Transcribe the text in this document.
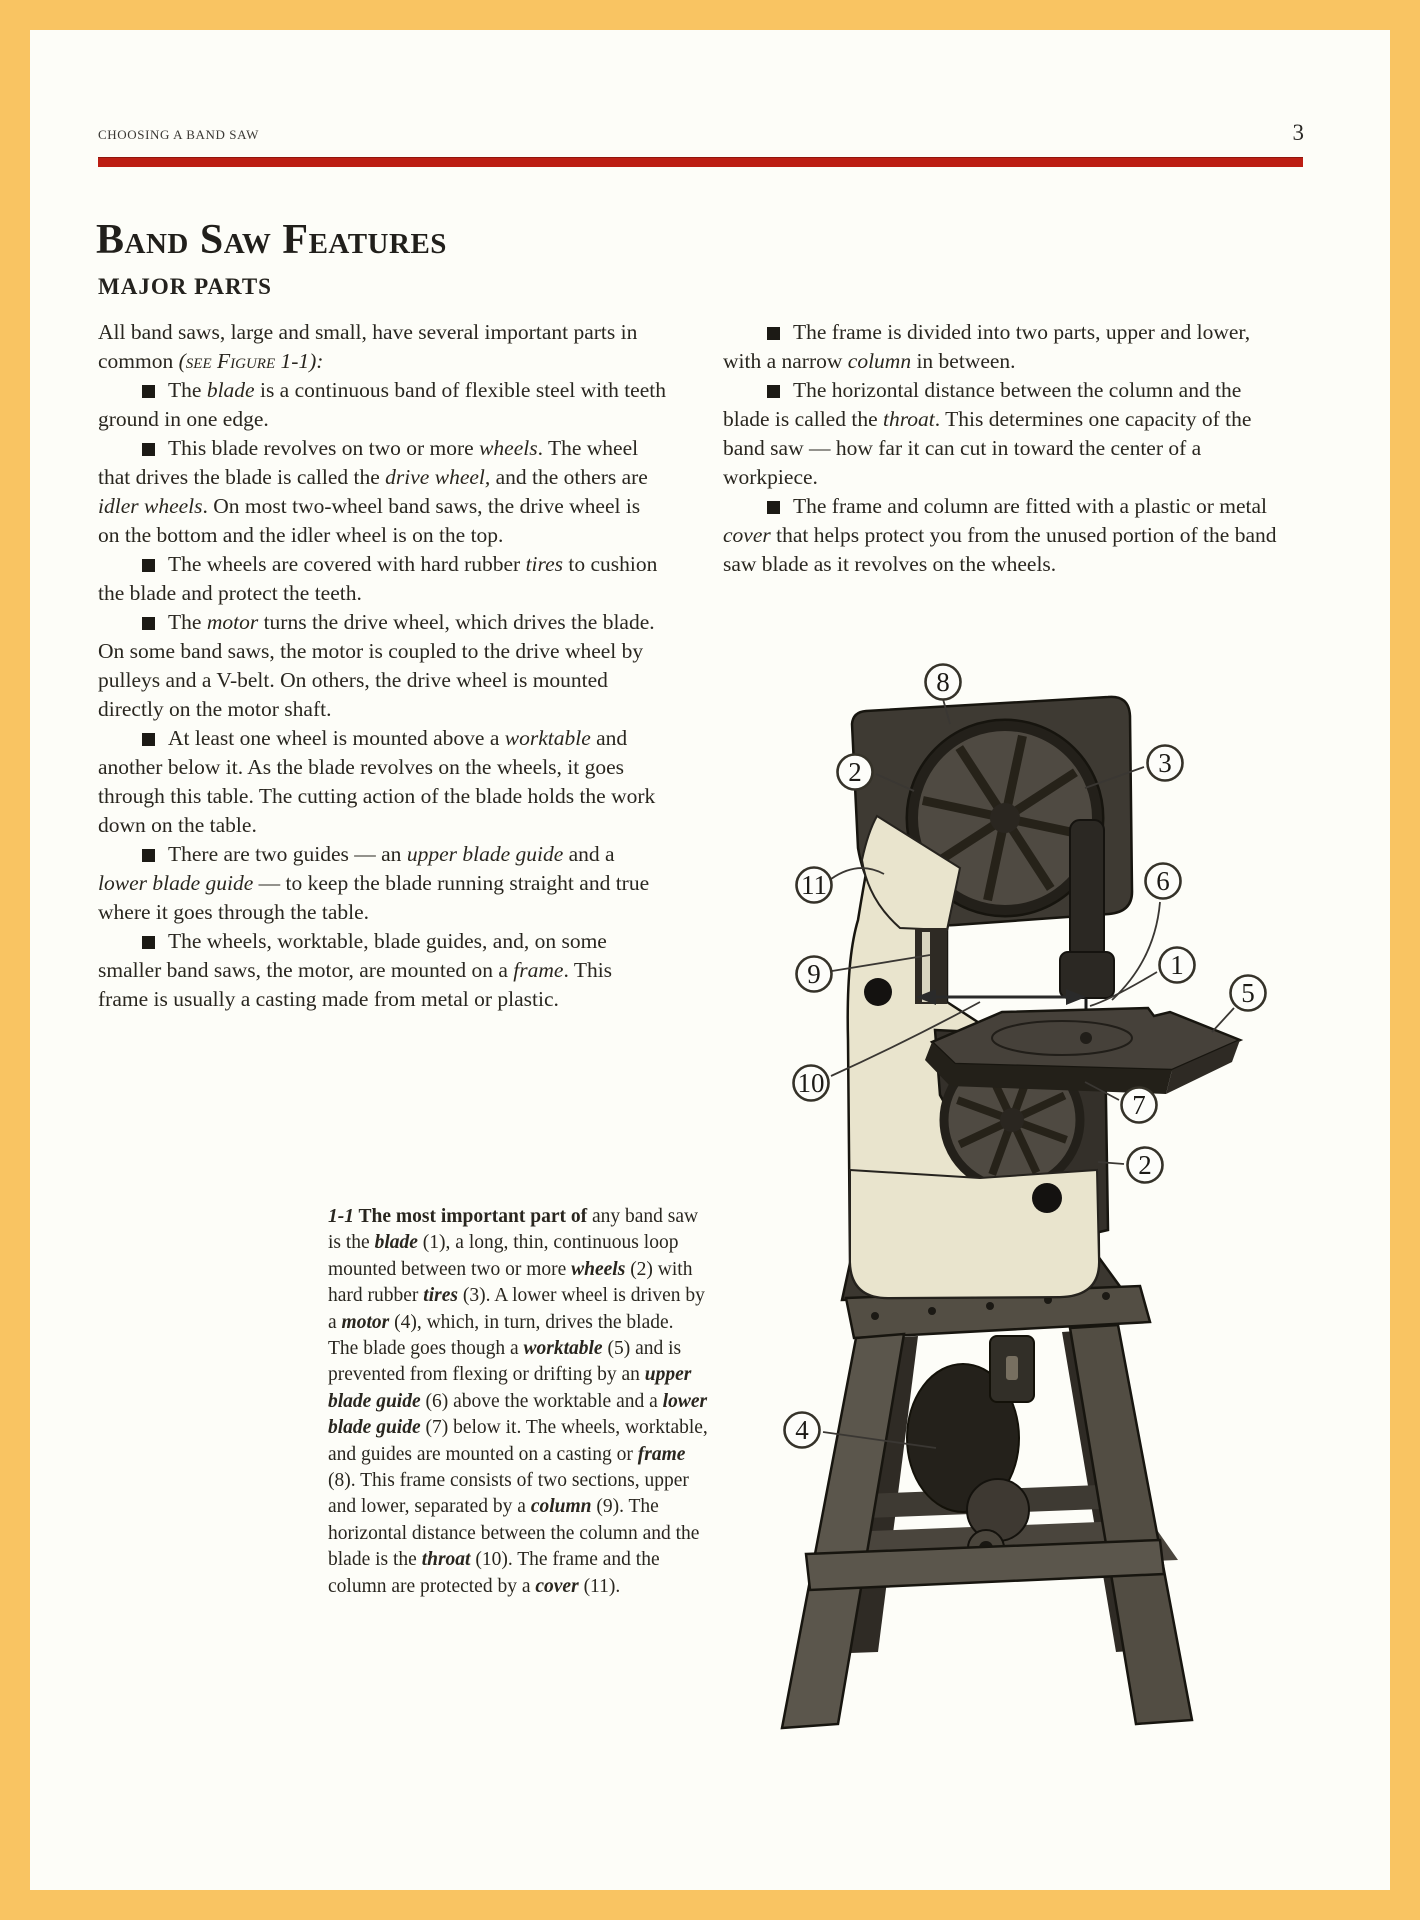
CHOOSING A BAND SAW	3
Band Saw Features
MAJOR PARTS

All band saws, large and small, have several important parts in common (see Figure 1-1):

The blade is a continuous band of flexible steel with teeth ground in one edge.

This blade revolves on two or more wheels. The wheel that drives the blade is called the drive wheel, and the others are idler wheels. On most two-wheel band saws, the drive wheel is on the bottom and the idler wheel is on the top.

The wheels are covered with hard rubber tires to cushion the blade and protect the teeth.

The motor turns the drive wheel, which drives the blade. On some band saws, the motor is coupled to the drive wheel by pulleys and a V-belt. On others, the drive wheel is mounted directly on the motor shaft.

At least one wheel is mounted above a worktable and another below it. As the blade revolves on the wheels, it goes through this table. The cutting action of the blade holds the work down on the table.

There are two guides — an upper blade guide and a lower blade guide — to keep the blade running straight and true where it goes through the table.

The wheels, worktable, blade guides, and, on some smaller band saws, the motor, are mounted on a frame. This frame is usually a casting made from metal or plastic.

The frame is divided into two parts, upper and lower, with a narrow column in between.

The horizontal distance between the column and the blade is called the throat. This determines one capacity of the band saw — how far it can cut in toward the center of a workpiece.

The frame and column are fitted with a plastic or metal cover that helps protect you from the unused portion of the band saw blade as it revolves on the wheels.

1-1 The most important part of any band saw is the blade (1), a long, thin, continuous loop mounted between two or more wheels (2) with hard rubber tires (3). A lower wheel is driven by a motor (4), which, in turn, drives the blade. The blade goes though a worktable (5) and is prevented from flexing or drifting by an upper blade guide (6) above the worktable and a lower blade guide (7) below it. The wheels, worktable, and guides are mounted on a casting or frame (8). This frame consists of two sections, upper and lower, separated by a column (9). The horizontal distance between the column and the blade is the throat (10). The frame and the column are protected by a cover (11).

8
2	3
11	6
9	1
5
10
7
2
4
